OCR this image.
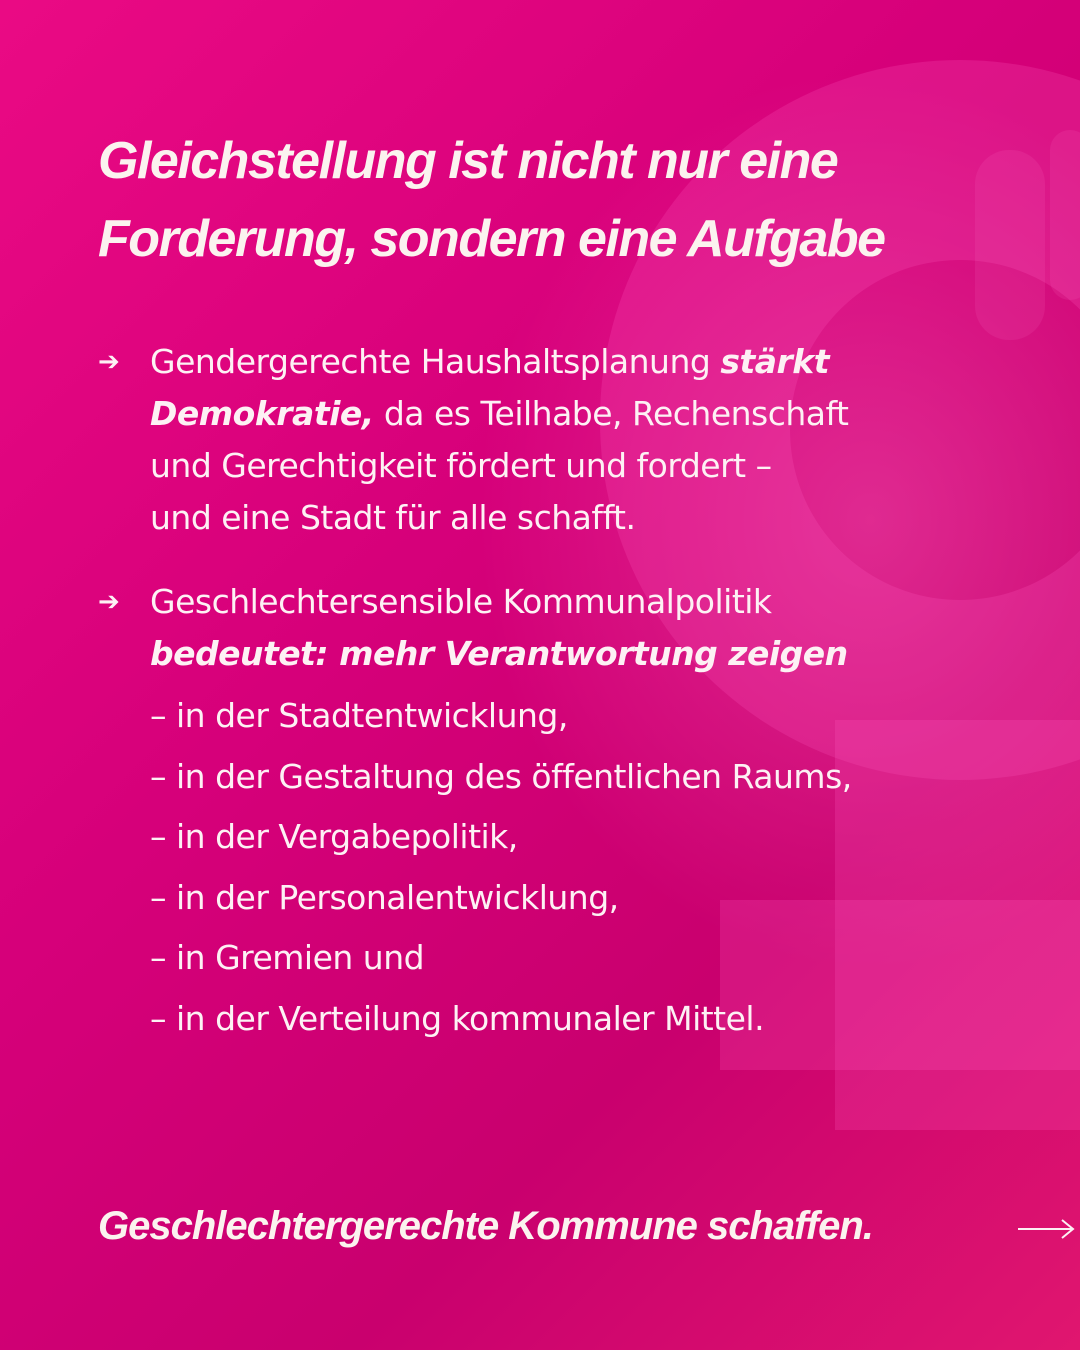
Gleichstellung ist nicht nur eine
Forderung, sondern eine Aufgabe
➔ Gendergerechte Haushaltsplanung stärkt
Demokratie, da es Teilhabe, Rechenschaft
und Gerechtigkeit fördert und fordert –
und eine Stadt für alle schafft.

➔ Geschlechtersensible Kommunalpolitik
bedeutet: mehr Verantwortung zeigen

– in der Stadtentwicklung,
– in der Gestaltung des öffentlichen Raums,
– in der Vergabepolitik,
– in der Personalentwicklung,
– in Gremien und
– in der Verteilung kommunaler Mittel.

Geschlechtergerechte Kommune schaffen.
